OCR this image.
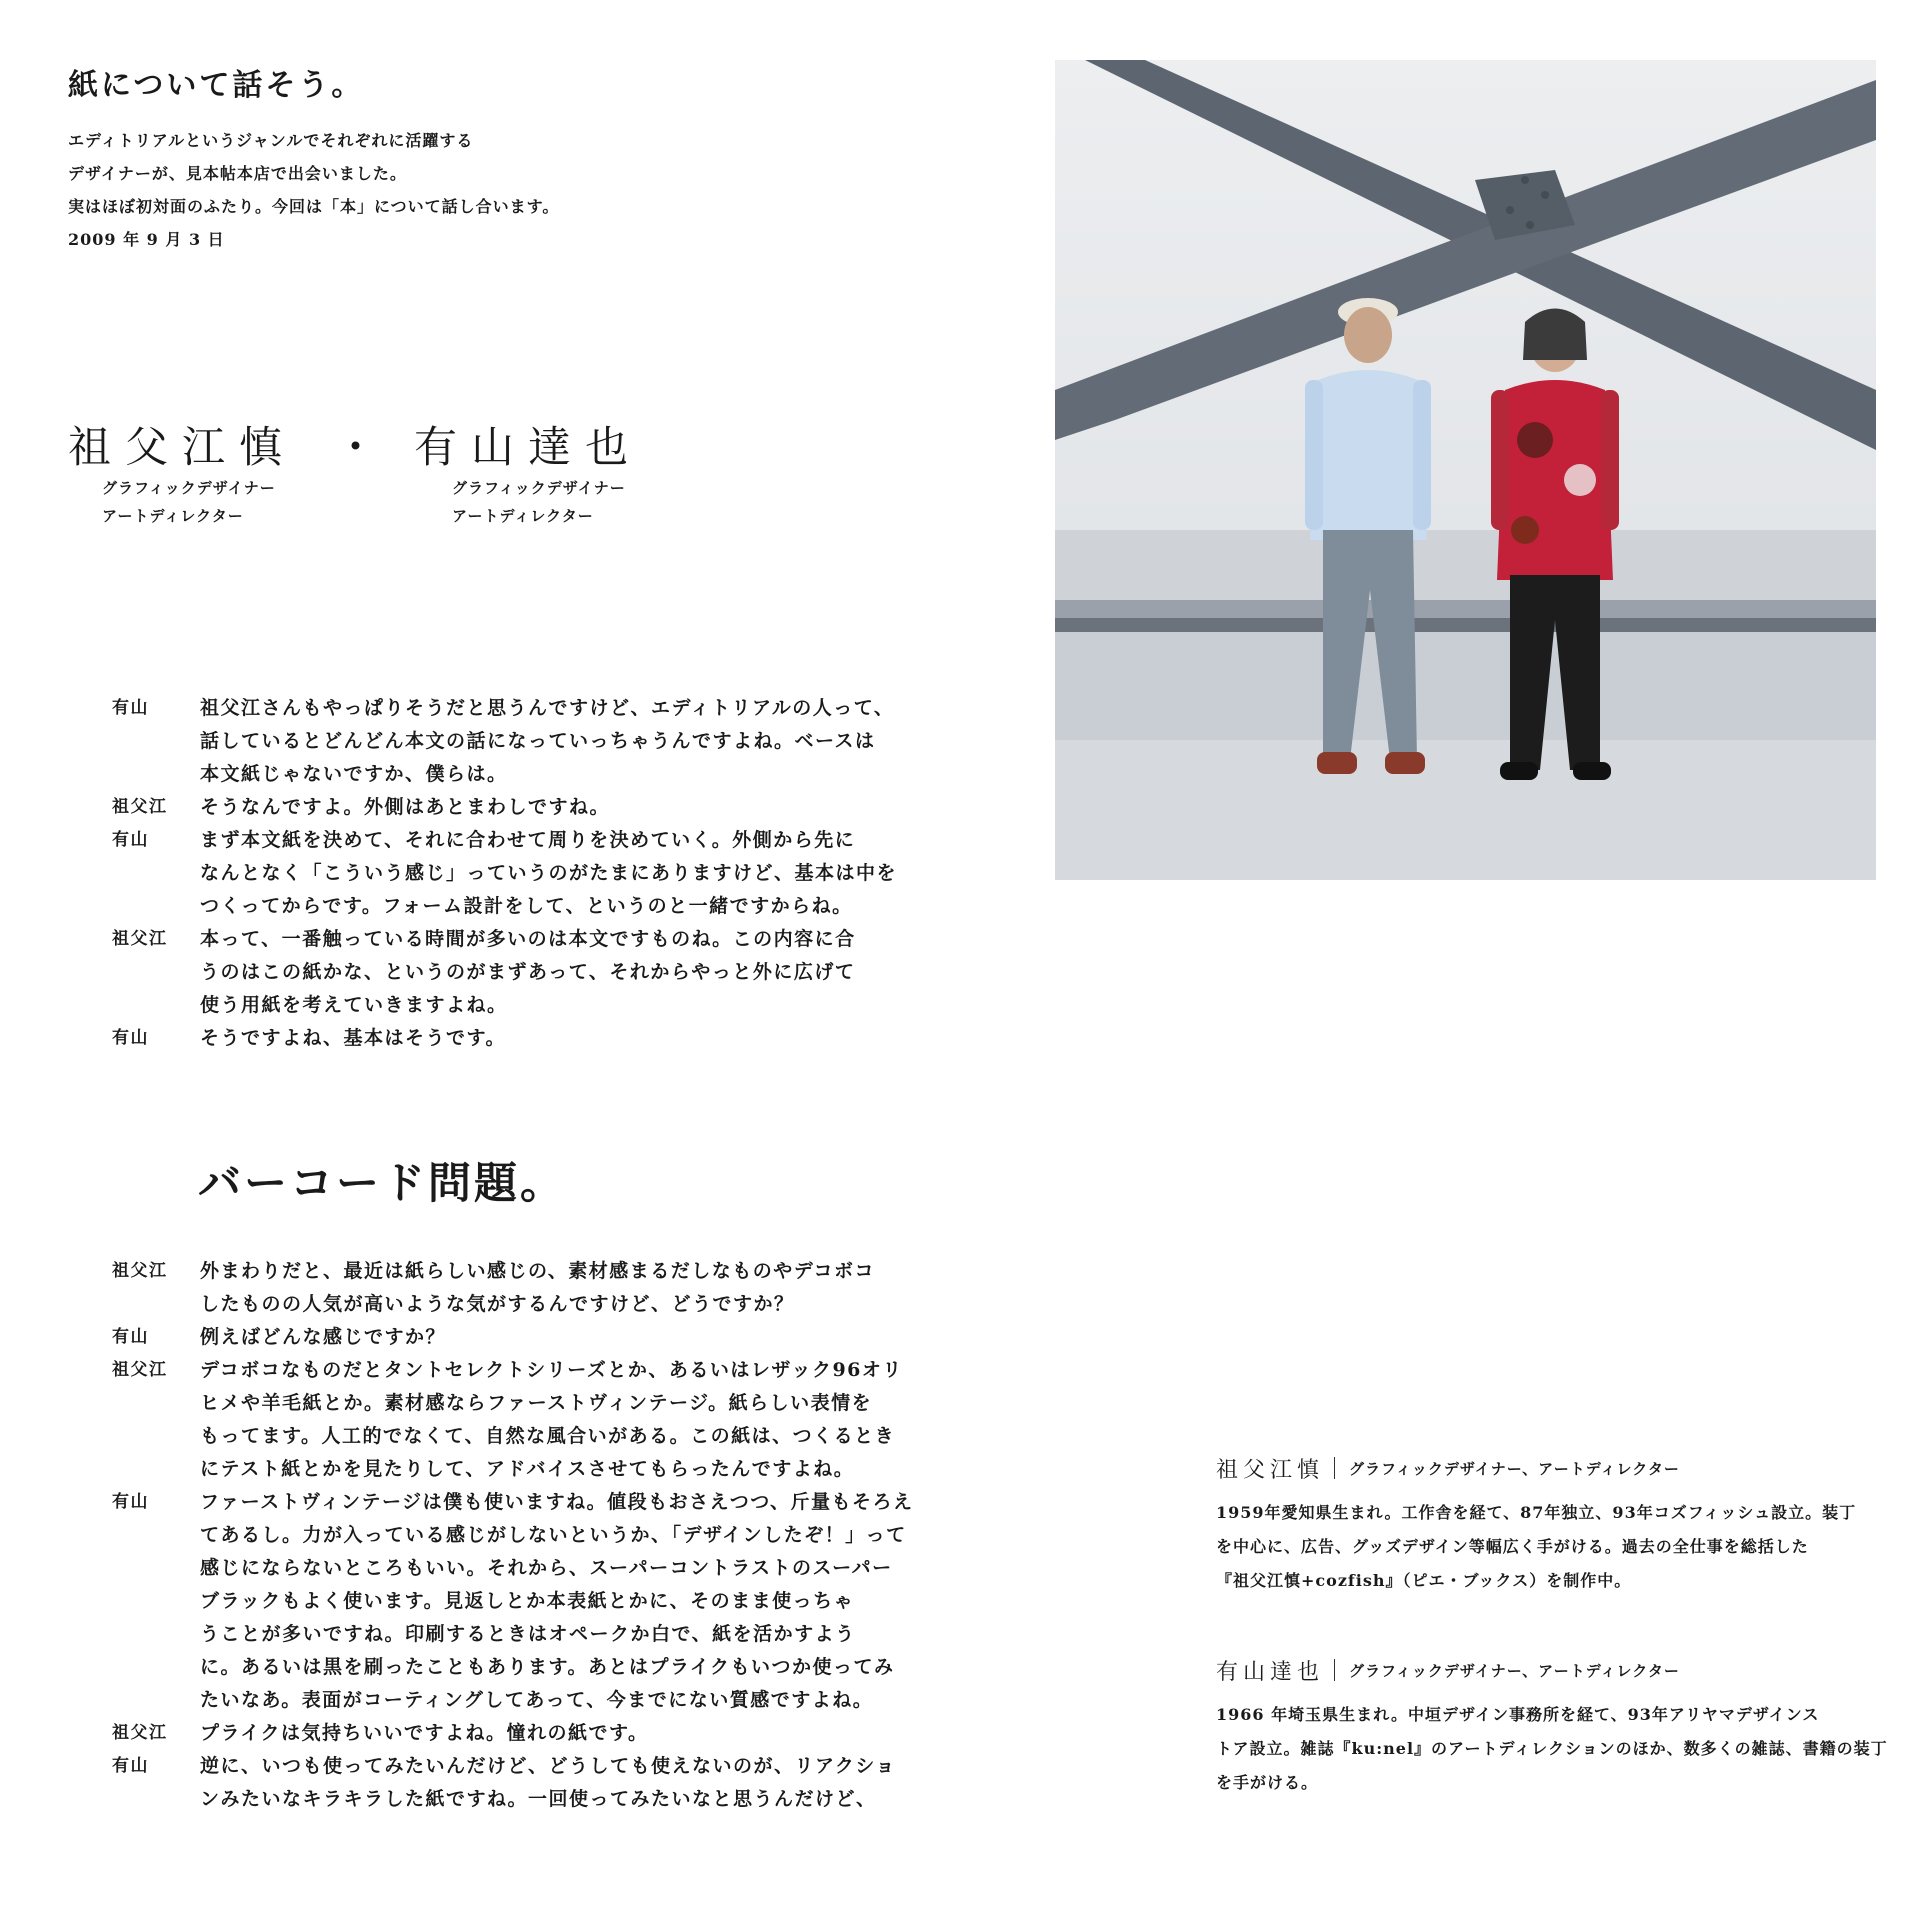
紙について話そう。
エディトリアルというジャンルでそれぞれに活躍する
デザイナーが、見本帖本店で出会いました。
実はほぼ初対面のふたり。今回は「本」について話し合います。
2009 年 9 月 3 日
祖父江慎 ・ 有山達也
グラフィックデザイナー
アートディレクター
グラフィックデザイナー
アートディレクター
有山	祖父江さんもやっぱりそうだと思うんですけど、エディトリアルの人って、
話しているとどんどん本文の話になっていっちゃうんですよね。ベースは
本文紙じゃないですか、僕らは。
祖父江 そうなんですよ。外側はあとまわしですね。
有山	まず本文紙を決めて、それに合わせて周りを決めていく。外側から先に
なんとなく「こういう感じ」っていうのがたまにありますけど、基本は中を
つくってからです。フォーム設計をして、というのと一緒ですからね。
祖父江 本って、一番触っている時間が多いのは本文ですものね。この内容に合
うのはこの紙かな、というのがまずあって、それからやっと外に広げて
使う用紙を考えていきますよね。
有山	そうですよね、基本はそうです。
バーコード問題。
祖父江 外まわりだと、最近は紙らしい感じの、素材感まるだしなものやデコボコ
したものの人気が高いような気がするんですけど、どうですか？
有山	例えばどんな感じですか？
祖父江 デコボコなものだとタントセレクトシリーズとか、あるいはレザック96オリ
ヒメや羊毛紙とか。素材感ならファーストヴィンテージ。紙らしい表情を
もってます。人工的でなくて、自然な風合いがある。この紙は、つくるとき
にテスト紙とかを見たりして、アドバイスさせてもらったんですよね。
有山	ファーストヴィンテージは僕も使いますね。値段もおさえつつ、斤量もそろえ
てあるし。力が入っている感じがしないというか、「デザインしたぞ！」って
感じにならないところもいい。それから、スーパーコントラストのスーパー
ブラックもよく使います。見返しとか本表紙とかに、そのまま使っちゃ
うことが多いですね。印刷するときはオペークか白で、紙を活かすよう
に。あるいは黒を刷ったこともあります。あとはプライクもいつか使ってみ
たいなあ。表面がコーティングしてあって、今までにない質感ですよね。
祖父江 プライクは気持ちいいですよね。憧れの紙です。
有山	逆に、いつも使ってみたいんだけど、どうしても使えないのが、リアクショ
ンみたいなキラキラした紙ですね。一回使ってみたいなと思うんだけど、
祖父江慎 グラフィックデザイナー、アートディレクター
1959年愛知県生まれ。工作舎を経て、87年独立、93年コズフィッシュ設立。装丁
を中心に、広告、グッズデザイン等幅広く手がける。過去の全仕事を総括した
『祖父江慎+cozfish』（ピエ・ブックス）を制作中。
有山達也 グラフィックデザイナー、アートディレクター
1966 年埼玉県生まれ。中垣デザイン事務所を経て、93年アリヤマデザインス
トア設立。雑誌『ku:nel』のアートディレクションのほか、数多くの雑誌、書籍の装丁
を手がける。
